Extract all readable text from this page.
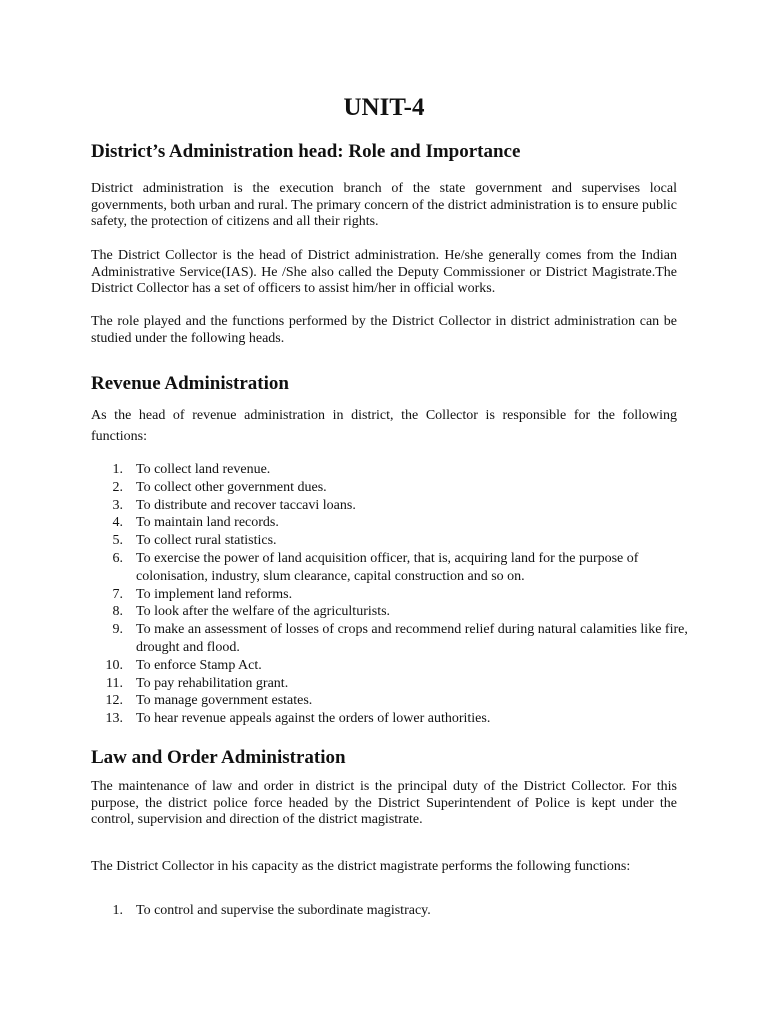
UNIT-4
District’s Administration head: Role and Importance

District administration is the execution branch of the state government and supervises local governments, both urban and rural. The primary concern of the district administration is to ensure public safety, the protection of citizens and all their rights.

The District Collector is the head of District administration. He/she generally comes from the Indian Administrative Service(IAS). He /She also called the Deputy Commissioner or District Magistrate.The District Collector has a set of officers to assist him/her in official works.

The role played and the functions performed by the District Collector in district administration can be studied under the following heads.

Revenue Administration

As the head of revenue administration in district, the Collector is responsible for the following functions:

1. To collect land revenue.
2. To collect other government dues.
3. To distribute and recover taccavi loans.
4. To maintain land records.
5. To collect rural statistics.
6. To exercise the power of land acquisition officer, that is, acquiring land for the purpose of colonisation, industry, slum clearance, capital construction and so on.
7. To implement land reforms.
8. To look after the welfare of the agriculturists.
9. To make an assessment of losses of crops and recommend relief during natural calamities like fire, drought and flood.
10. To enforce Stamp Act.
11. To pay rehabilitation grant.
12. To manage government estates.
13. To hear revenue appeals against the orders of lower authorities.
Law and Order Administration

The maintenance of law and order in district is the principal duty of the District Collector. For this purpose, the district police force headed by the District Superintendent of Police is kept under the control, supervision and direction of the district magistrate.

The District Collector in his capacity as the district magistrate performs the following functions:

1. To control and supervise the subordinate magistracy.
